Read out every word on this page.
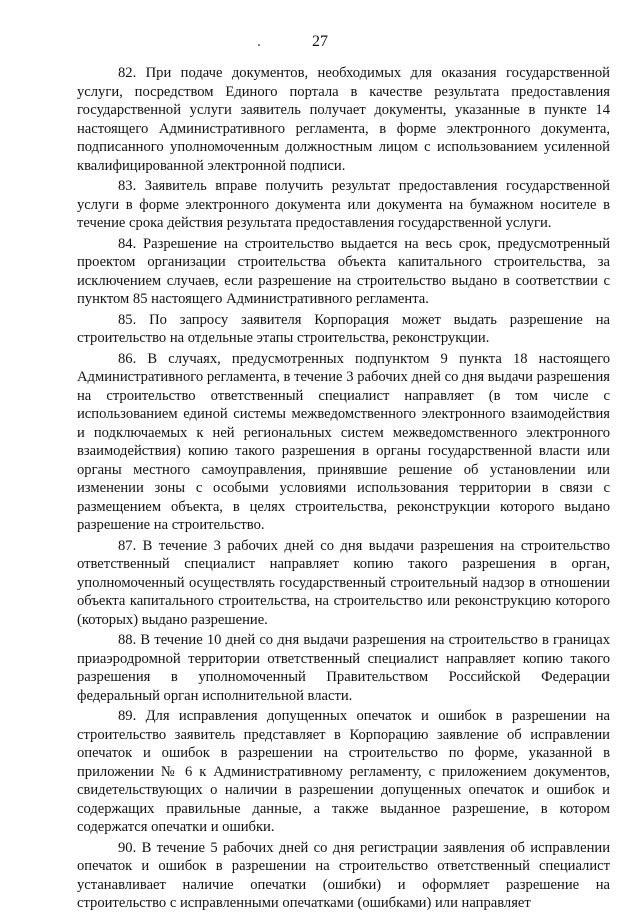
27

82. При подаче документов, необходимых для оказания государственной услуги, посредством Единого портала в качестве результата предоставления государственной услуги заявитель получает документы, указанные в пункте 14 настоящего Административного регламента, в форме электронного документа, подписанного уполномоченным должностным лицом с использованием усиленной квалифицированной электронной подписи.

83. Заявитель вправе получить результат предоставления государственной услуги в форме электронного документа или документа на бумажном носителе в течение срока действия результата предоставления государственной услуги.

84. Разрешение на строительство выдается на весь срок, предусмотренный проектом организации строительства объекта капитального строительства, за исключением случаев, если разрешение на строительство выдано в соответствии с пунктом 85 настоящего Административного регламента.

85. По запросу заявителя Корпорация может выдать разрешение на строительство на отдельные этапы строительства, реконструкции.

86. В случаях, предусмотренных подпунктом 9 пункта 18 настоящего Административного регламента, в течение 3 рабочих дней со дня выдачи разрешения на строительство ответственный специалист направляет (в том числе с использованием единой системы межведомственного электронного взаимодействия и подключаемых к ней региональных систем межведомственного электронного взаимодействия) копию такого разрешения в органы государственной власти или органы местного самоуправления, принявшие решение об установлении или изменении зоны с особыми условиями использования территории в связи с размещением объекта, в целях строительства, реконструкции которого выдано разрешение на строительство.

87. В течение 3 рабочих дней со дня выдачи разрешения на строительство ответственный специалист направляет копию такого разрешения в орган, уполномоченный осуществлять государственный строительный надзор в отношении объекта капитального строительства, на строительство или реконструкцию которого (которых) выдано разрешение.

88. В течение 10 дней со дня выдачи разрешения на строительство в границах приаэродромной территории ответственный специалист направляет копию такого разрешения в уполномоченный Правительством Российской Федерации федеральный орган исполнительной власти.

89. Для исправления допущенных опечаток и ошибок в разрешении на строительство заявитель представляет в Корпорацию заявление об исправлении опечаток и ошибок в разрешении на строительство по форме, указанной в приложении № 6 к Административному регламенту, с приложением документов, свидетельствующих о наличии в разрешении допущенных опечаток и ошибок и содержащих правильные данные, а также выданное разрешение, в котором содержатся опечатки и ошибки.

90. В течение 5 рабочих дней со дня регистрации заявления об исправлении опечаток и ошибок в разрешении на строительство ответственный специалист устанавливает наличие опечатки (ошибки) и оформляет разрешение на строительство с исправленными опечатками (ошибками) или направляет
